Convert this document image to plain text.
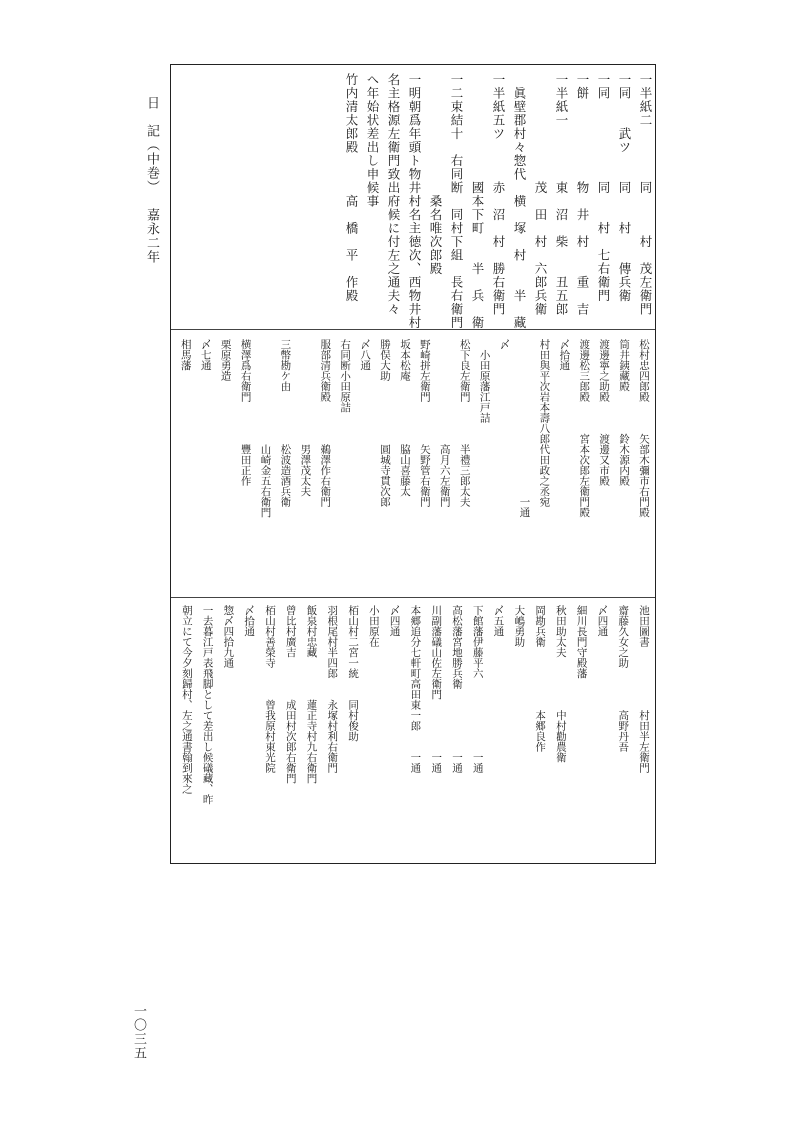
日　記（中巻）嘉永二年	一半紙二　　　　同　　　村　茂左衛門
一同　　武ツ　　同　　村　　傳兵衛
一同　　　　　　同　　村　七右衛門
一餅　　　　　　物　井　村　　重　吉
一半紙一　　　　東　沼　柴　　丑五郎
　　　　　　　　茂　田　村　六郎兵衛
　眞壁郡村々惣代　横　塚　村　　半　藏
一半紙五ツ　　　赤　沼　村　勝右衛門
　　　　　　　　國本下町　　半　兵　衛
一二束結十　右同断　同村下組　長右衛門
　　　　　　　　　桑名唯次郎殿
一明朝爲年頭ト物井村名主徳次、西物井村
名主格源左衛門致出府候に付左之通夫々
へ年始状差出し申候事
竹内清太郎殿　　　高　橋　平　作殿
松村忠四郎殿　　　矢部木彌市右門殿
筒井銕藏殿　　　　鈴木源内殿
渡邊寧之助殿　　　渡邊又市殿
渡邊松三郎殿　　　宮本次郎左衛門殿
〆拾通
村田與平次岩本壽八郎代田政之丞宛
　　　　　　　　　　　　　　　一通
〆
　小田原藩江戸詰
松下良左衛門　　　　半禮三郎太夫
　　　　　　　　　　高月六左衛門
野崎拼左衛門　　　　矢野管右衛門
坂本松庵　　　　　　脇山喜藤太
勝俣大助　　　　　　圓城寺貫次郎
〆八通
右同断小田原詰
服部清兵衛殿　　　　鵜澤作右衛門
　　　　　　　　　　男澤茂太夫
三幣勘ケ由　　　　　松波造酒兵衛
　　　　　　　　　　山崎金五右衛門
横澤爲右衛門　　　　豐田正作
栗原勇造
〆七通
相馬藩
池田圖書　　　　　　村田半左衛門
齋藤久女之助　　　　高野丹吾
〆四通
細川長門守殿藩
秋田助太夫　　　　　中村勸農衛
岡勘兵衛　　　　　　本郷良作
大嶋勇助
〆五通
下館藩伊藤平六　　　　　　　一通
高松藩宮地勝兵衛　　　　　　一通
川副藩礒山佐左衛門　　　　　一通
本郷追分七軒町高田東一郎　　一通
〆四通
小田原在
栢山村二宮一統　　同村俊助
羽根尾村半四郎　　永塚村利右衛門
飯泉村忠藏　　　　蓮正寺村九右衛門
曾比村廣吉　　　　成田村次郎右衛門
栢山村善榮寺　　　曾我原村東光院
〆拾通
惣〆四拾九通
一去暮江戸表飛脚として差出し候礒藏、昨
朝立にて今夕刻歸村、左之通書翰到來之
一〇三五
